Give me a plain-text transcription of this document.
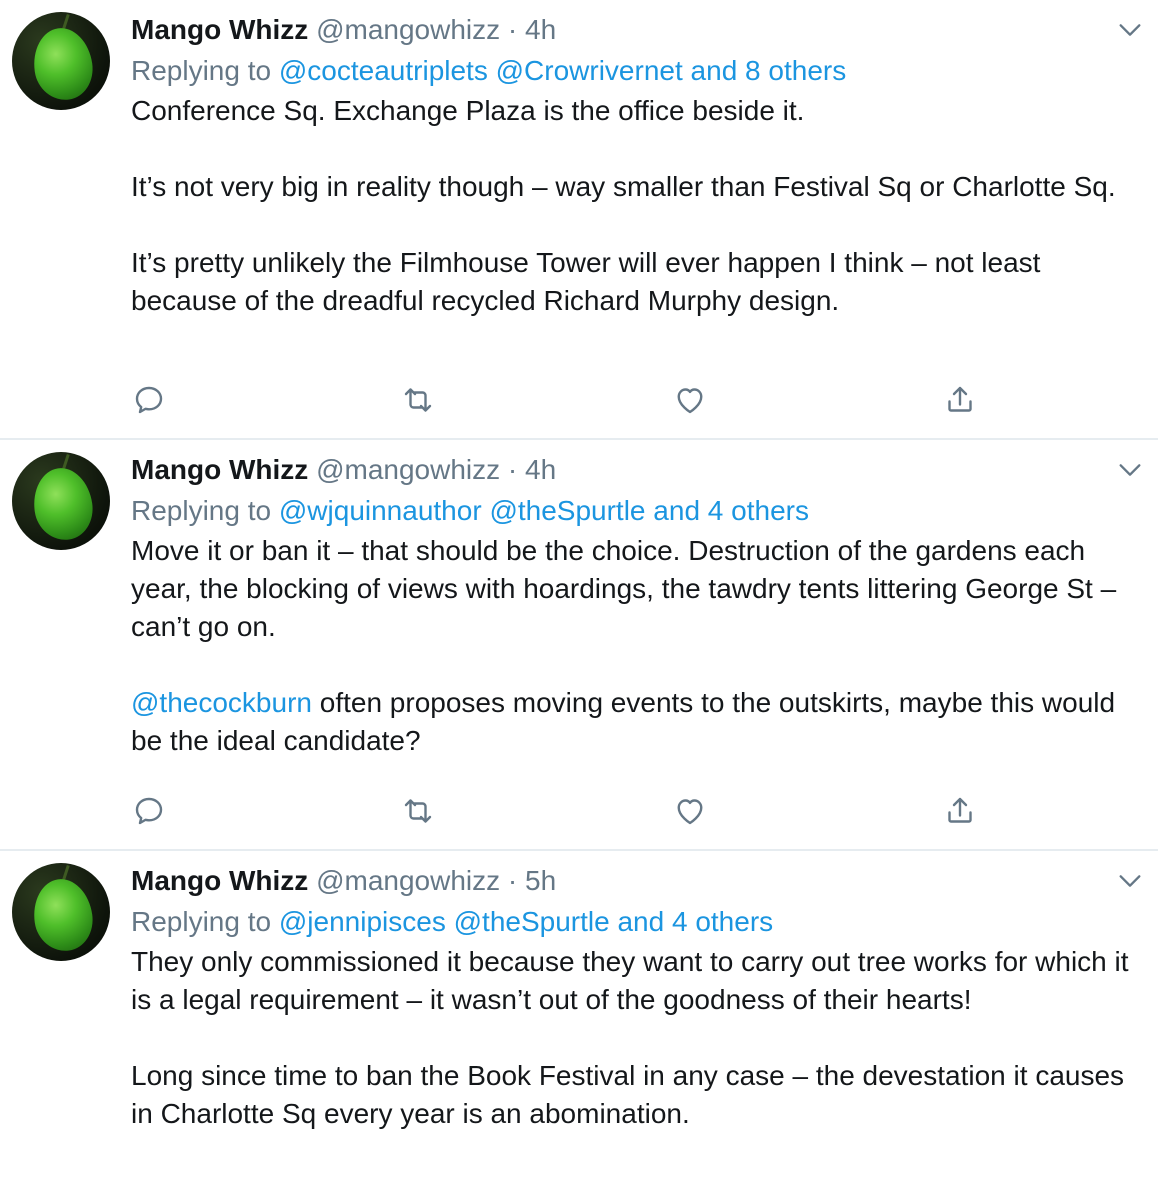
Mango Whizz @mangowhizz · 4h
Replying to @cocteautriplets @Crowrivernet and 8 others

Conference Sq. Exchange Plaza is the office beside it.

It’s not very big in reality though – way smaller than Festival Sq or Charlotte Sq.

It’s pretty unlikely the Filmhouse Tower will ever happen I think – not least because of the dreadful recycled Richard Murphy design.

Mango Whizz @mangowhizz · 4h
Replying to @wjquinnauthor @theSpurtle and 4 others

Move it or ban it – that should be the choice. Destruction of the gardens each year, the blocking of views with hoardings, the tawdry tents littering George St – can’t go on.

@thecockburn often proposes moving events to the outskirts, maybe this would be the ideal candidate?

Mango Whizz @mangowhizz · 5h
Replying to @jennipisces @theSpurtle and 4 others

They only commissioned it because they want to carry out tree works for which it is a legal requirement – it wasn’t out of the goodness of their hearts!

Long since time to ban the Book Festival in any case – the devestation it causes in Charlotte Sq every year is an abomination.
